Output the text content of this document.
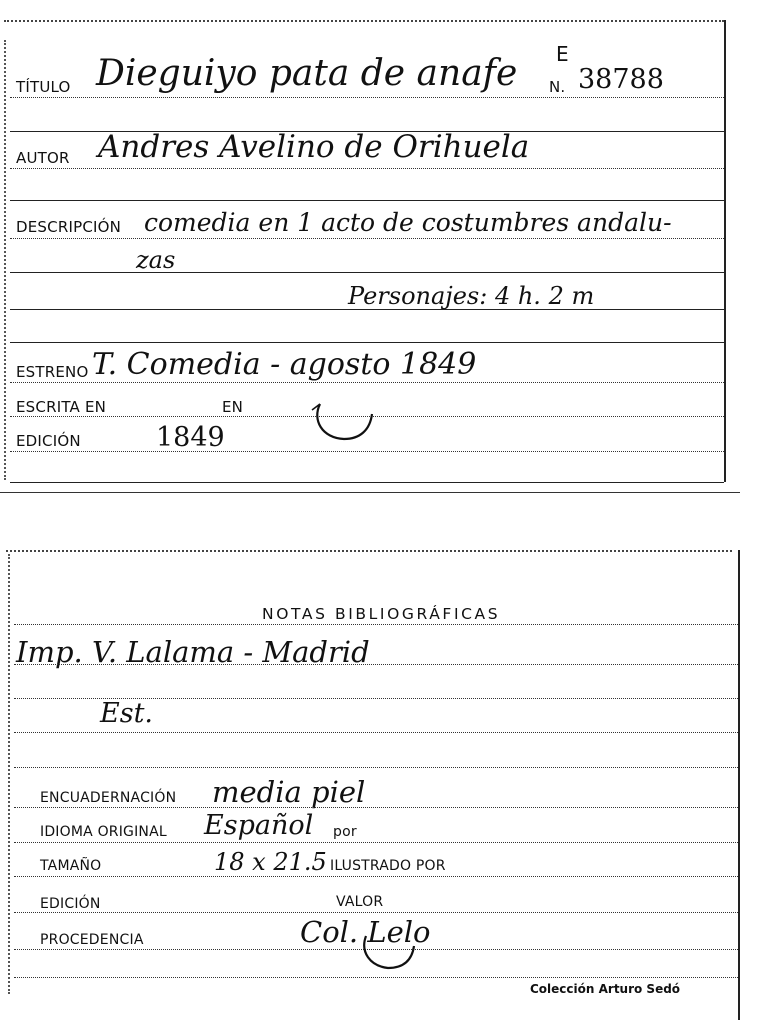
E
TÍTULO Dieguiyo pata de anafe N. 38788
AUTOR Andres Avelino de Orihuela
DESCRIPCIÓN comedia en 1 acto de costumbres andalu-
zas
Personajes: 4 h. 2 m
ESTRENO T. Comedia - agosto 1849
ESCRITA EN	EN
EDICIÓN	1849
NOTAS BIBLIOGRÁFICAS
Imp. V. Lalama - Madrid
Est.
ENCUADERNACIÓN media piel
IDIOMA ORIGINAL Español por
TAMAÑO	18 x 21.5 ILUSTRADO POR
EDICIÓN	VALOR
PROCEDENCIA	Col. Lelo
Colección Arturo Sedó
